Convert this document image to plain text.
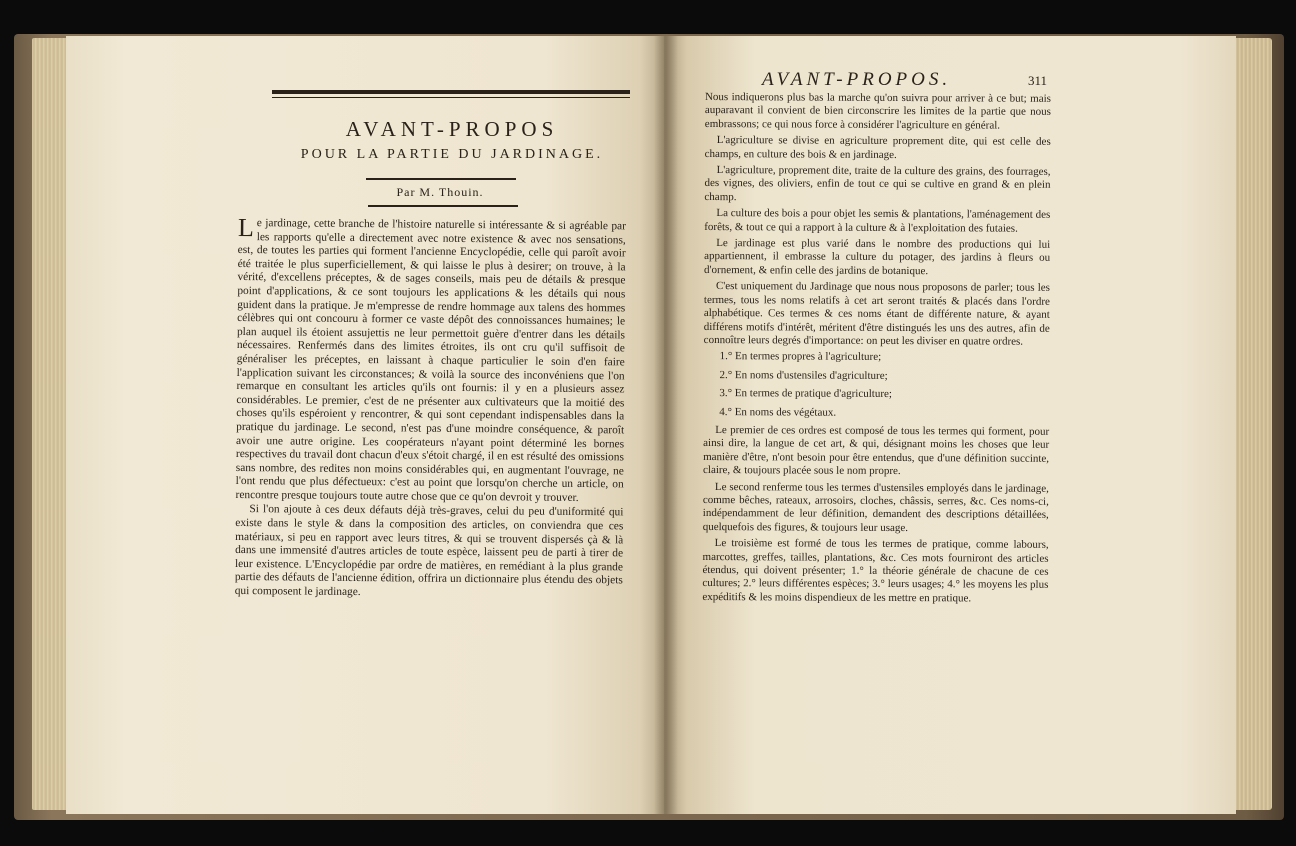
AVANT-PROPOS
POUR LA PARTIE DU JARDINAGE.
Par M. Thouin.

Le jardinage, cette branche de l'histoire naturelle si intéressante & si agréable par les rapports qu'elle a directement avec notre existence & avec nos sensations, est, de toutes les parties qui forment l'ancienne Encyclopédie, celle qui paroît avoir été traitée le plus superficiellement, & qui laisse le plus à desirer; on trouve, à la vérité, d'excellens préceptes, & de sages conseils, mais peu de détails & presque point d'applications, & ce sont toujours les applications & les détails qui nous guident dans la pratique. Je m'empresse de rendre hommage aux talens des hommes célèbres qui ont concouru à former ce vaste dépôt des connoissances humaines; le plan auquel ils étoient assujettis ne leur permettoit guère d'entrer dans les détails nécessaires. Renfermés dans des limites étroites, ils ont cru qu'il suffisoit de généraliser les préceptes, en laissant à chaque particulier le soin d'en faire l'application suivant les circonstances; & voilà la source des inconvéniens que l'on remarque en consultant les articles qu'ils ont fournis: il y en a plusieurs assez considérables. Le premier, c'est de ne présenter aux cultivateurs que la moitié des choses qu'ils espéroient y rencontrer, & qui sont cependant indispensables dans la pratique du jardinage. Le second, n'est pas d'une moindre conséquence, & paroît avoir une autre origine. Les coopérateurs n'ayant point déterminé les bornes respectives du travail dont chacun d'eux s'étoit chargé, il en est résulté des omissions sans nombre, des redites non moins considérables qui, en augmentant l'ouvrage, ne l'ont rendu que plus défectueux: c'est au point que lorsqu'on cherche un article, on rencontre presque toujours toute autre chose que ce qu'on devroit y trouver.

Si l'on ajoute à ces deux défauts déjà très-graves, celui du peu d'uniformité qui existe dans le style & dans la composition des articles, on conviendra que ces matériaux, si peu en rapport avec leurs titres, & qui se trouvent dispersés çà & là dans une immensité d'autres articles de toute espèce, laissent peu de parti à tirer de leur existence. L'Encyclopédie par ordre de matières, en remédiant à la plus grande partie des défauts de l'ancienne édition, offrira un dictionnaire plus étendu des objets qui composent le jardinage.

AVANT-PROPOS.	311

Nous indiquerons plus bas la marche qu'on suivra pour arriver à ce but; mais auparavant il convient de bien circonscrire les limites de la partie que nous embrassons; ce qui nous force à considérer l'agriculture en général.

L'agriculture se divise en agriculture proprement dite, qui est celle des champs, en culture des bois & en jardinage.

L'agriculture, proprement dite, traite de la culture des grains, des fourrages, des vignes, des oliviers, enfin de tout ce qui se cultive en grand & en plein champ.

La culture des bois a pour objet les semis & plantations, l'aménagement des forêts, & tout ce qui a rapport à la culture & à l'exploitation des futaies.

Le jardinage est plus varié dans le nombre des productions qui lui appartiennent, il embrasse la culture du potager, des jardins à fleurs ou d'ornement, & enfin celle des jardins de botanique.

C'est uniquement du Jardinage que nous nous proposons de parler; tous les termes, tous les noms relatifs à cet art seront traités & placés dans l'ordre alphabétique. Ces termes & ces noms étant de différente nature, & ayant différens motifs d'intérêt, méritent d'être distingués les uns des autres, afin de connoître leurs degrés d'importance: on peut les diviser en quatre ordres.

1.° En termes propres à l'agriculture;

2.° En noms d'ustensiles d'agriculture;

3.° En termes de pratique d'agriculture;

4.° En noms des végétaux.

Le premier de ces ordres est composé de tous les termes qui forment, pour ainsi dire, la langue de cet art, & qui, désignant moins les choses que leur manière d'être, n'ont besoin pour être entendus, que d'une définition succinte, claire, & toujours placée sous le nom propre.

Le second renferme tous les termes d'ustensiles employés dans le jardinage, comme bêches, rateaux, arrosoirs, cloches, châssis, serres, &c. Ces noms-ci, indépendamment de leur définition, demandent des descriptions détaillées, quelquefois des figures, & toujours leur usage.

Le troisième est formé de tous les termes de pratique, comme labours, marcottes, greffes, tailles, plantations, &c. Ces mots fourniront des articles étendus, qui doivent présenter; 1.° la théorie générale de chacune de ces cultures; 2.° leurs différentes espèces; 3.° leurs usages; 4.° les moyens les plus expéditifs & les moins dispendieux de les mettre en pratique.
